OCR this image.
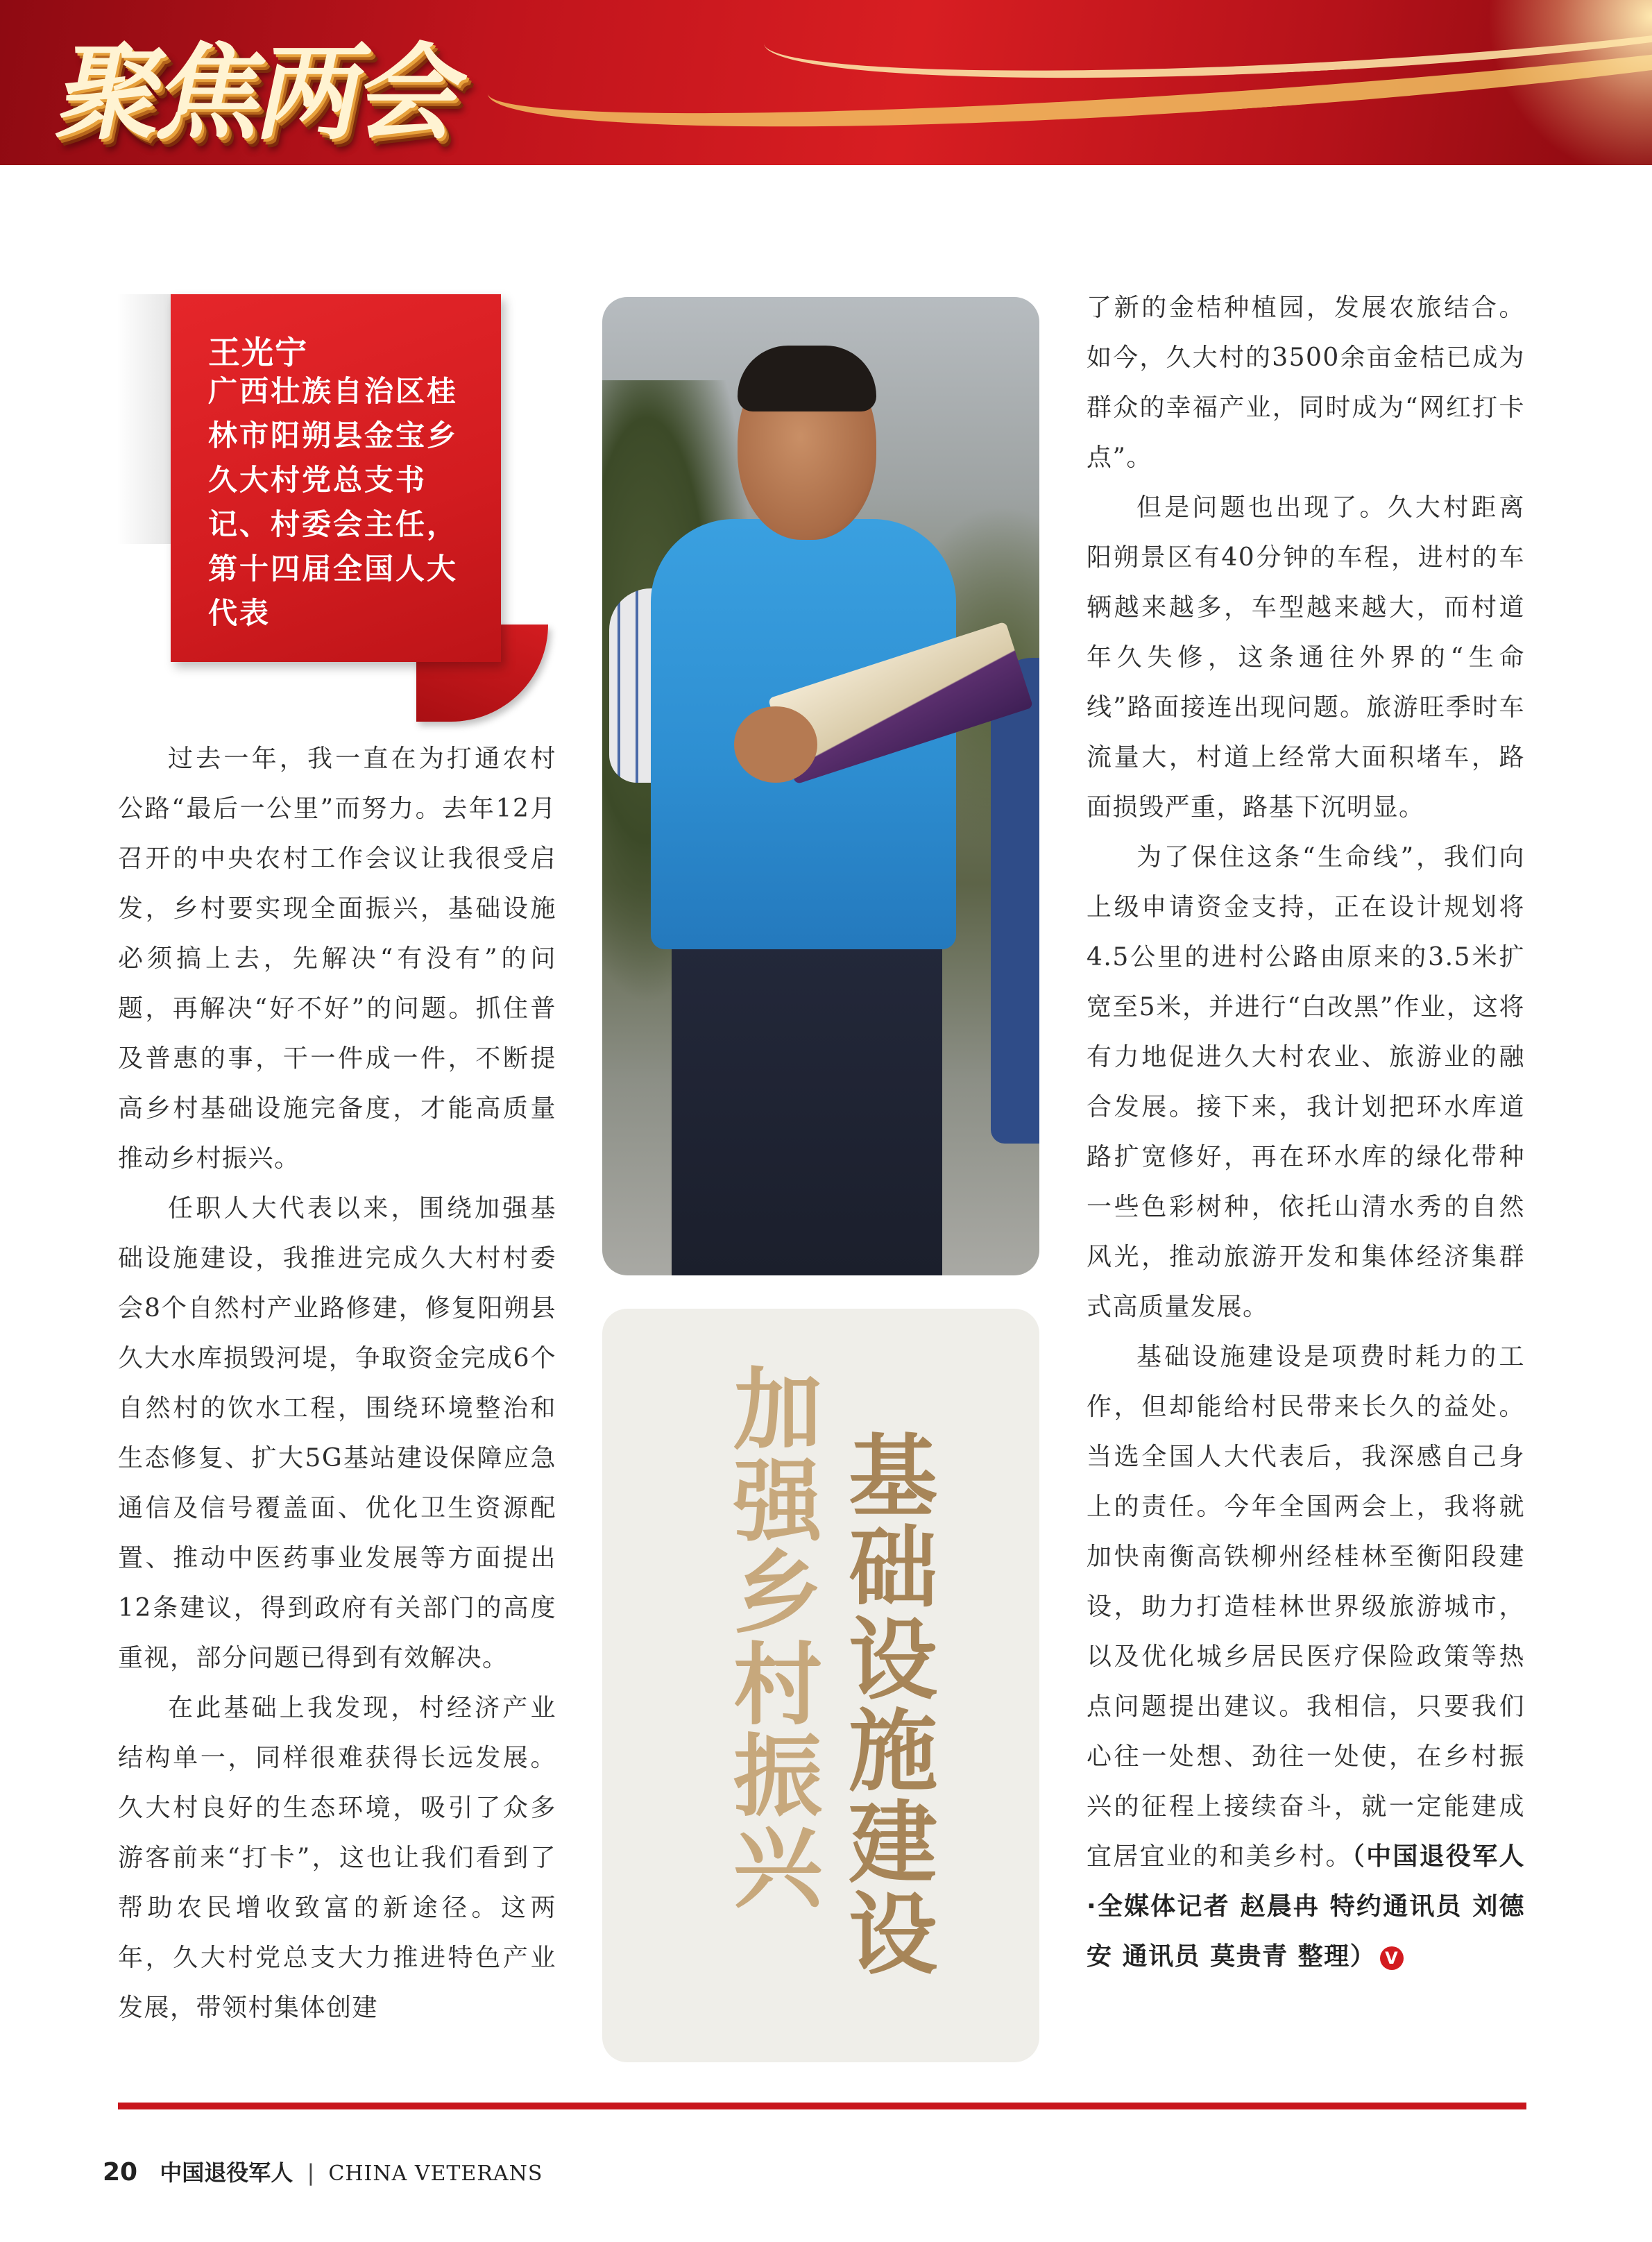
聚焦两会
王光宁
广西壮族自治区桂林市阳朔县金宝乡久大村党总支书记、村委会主任，第十四届全国人大代表

过去一年，我一直在为打通农村公路“最后一公里”而努力。去年12月召开的中央农村工作会议让我很受启发，乡村要实现全面振兴，基础设施必须搞上去，先解决“有没有”的问题，再解决“好不好”的问题。抓住普及普惠的事，干一件成一件，不断提高乡村基础设施完备度，才能高质量推动乡村振兴。

任职人大代表以来，围绕加强基础设施建设，我推进完成久大村村委会8个自然村产业路修建，修复阳朔县久大水库损毁河堤，争取资金完成6个自然村的饮水工程，围绕环境整治和生态修复、扩大5G基站建设保障应急通信及信号覆盖面、优化卫生资源配置、推动中医药事业发展等方面提出12条建议，得到政府有关部门的高度重视，部分问题已得到有效解决。

在此基础上我发现，村经济产业结构单一，同样很难获得长远发展。久大村良好的生态环境，吸引了众多游客前来“打卡”，这也让我们看到了帮助农民增收致富的新途径。这两年，久大村党总支大力推进特色产业发展，带领村集体创建

基础设施建设
加强乡村振兴

了新的金桔种植园，发展农旅结合。如今，久大村的3500余亩金桔已成为群众的幸福产业，同时成为“网红打卡点”。

但是问题也出现了。久大村距离阳朔景区有40分钟的车程，进村的车辆越来越多，车型越来越大，而村道年久失修，这条通往外界的“生命线”路面接连出现问题。旅游旺季时车流量大，村道上经常大面积堵车，路面损毁严重，路基下沉明显。

为了保住这条“生命线”，我们向上级申请资金支持，正在设计规划将4.5公里的进村公路由原来的3.5米扩宽至5米，并进行“白改黑”作业，这将有力地促进久大村农业、旅游业的融合发展。接下来，我计划把环水库道路扩宽修好，再在环水库的绿化带种一些色彩树种，依托山清水秀的自然风光，推动旅游开发和集体经济集群式高质量发展。

基础设施建设是项费时耗力的工作，但却能给村民带来长久的益处。当选全国人大代表后，我深感自己身上的责任。今年全国两会上，我将就加快南衡高铁柳州经桂林至衡阳段建设，助力打造桂林世界级旅游城市，以及优化城乡居民医疗保险政策等热点问题提出建议。我相信，只要我们心往一处想、劲往一处使，在乡村振兴的征程上接续奋斗，就一定能建成宜居宜业的和美乡村。（中国退役军人·全媒体记者 赵晨冉 特约通讯员 刘德安 通讯员 莫贵青 整理） V

20 中国退役军人 | CHINA VETERANS
